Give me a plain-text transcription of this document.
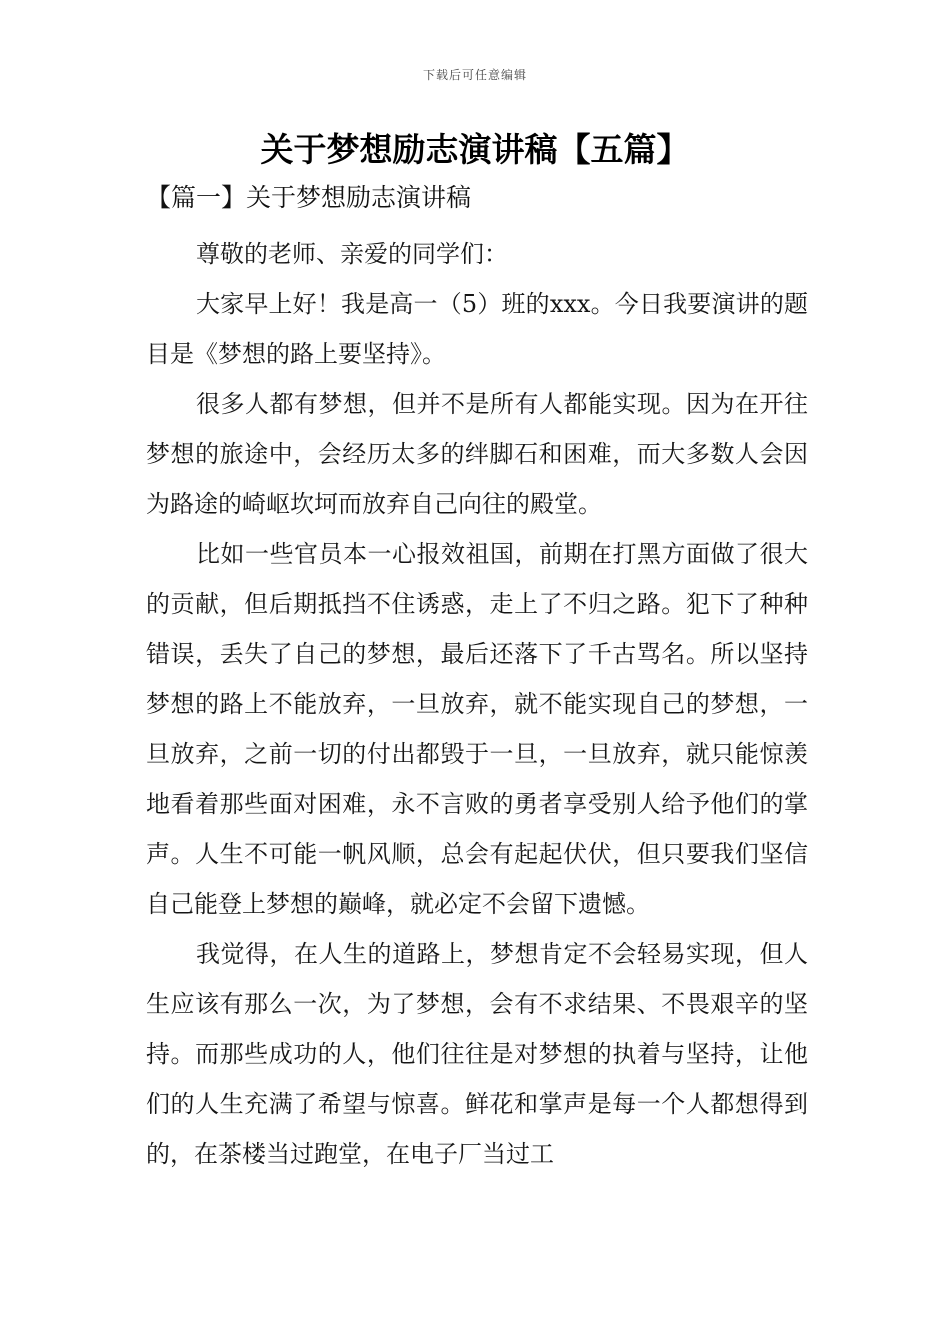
下载后可任意编辑
关于梦想励志演讲稿【五篇】
【篇一】关于梦想励志演讲稿

尊敬的老师、亲爱的同学们：

大家早上好！我是高一（5）班的xxx。今日我要演讲的题目是《梦想的路上要坚持》。

很多人都有梦想，但并不是所有人都能实现。因为在开往梦想的旅途中，会经历太多的绊脚石和困难，而大多数人会因为路途的崎岖坎坷而放弃自己向往的殿堂。

比如一些官员本一心报效祖国，前期在打黑方面做了很大的贡献，但后期抵挡不住诱惑，走上了不归之路。犯下了种种错误，丢失了自己的梦想，最后还落下了千古骂名。所以坚持梦想的路上不能放弃，一旦放弃，就不能实现自己的梦想，一旦放弃，之前一切的付出都毁于一旦，一旦放弃，就只能惊羡地看着那些面对困难，永不言败的勇者享受别人给予他们的掌声。人生不可能一帆风顺，总会有起起伏伏，但只要我们坚信自己能登上梦想的巅峰，就必定不会留下遗憾。

我觉得，在人生的道路上，梦想肯定不会轻易实现，但人生应该有那么一次，为了梦想，会有不求结果、不畏艰辛的坚持。而那些成功的人，他们往往是对梦想的执着与坚持，让他们的人生充满了希望与惊喜。鲜花和掌声是每一个人都想得到的，在茶楼当过跑堂，在电子厂当过工
